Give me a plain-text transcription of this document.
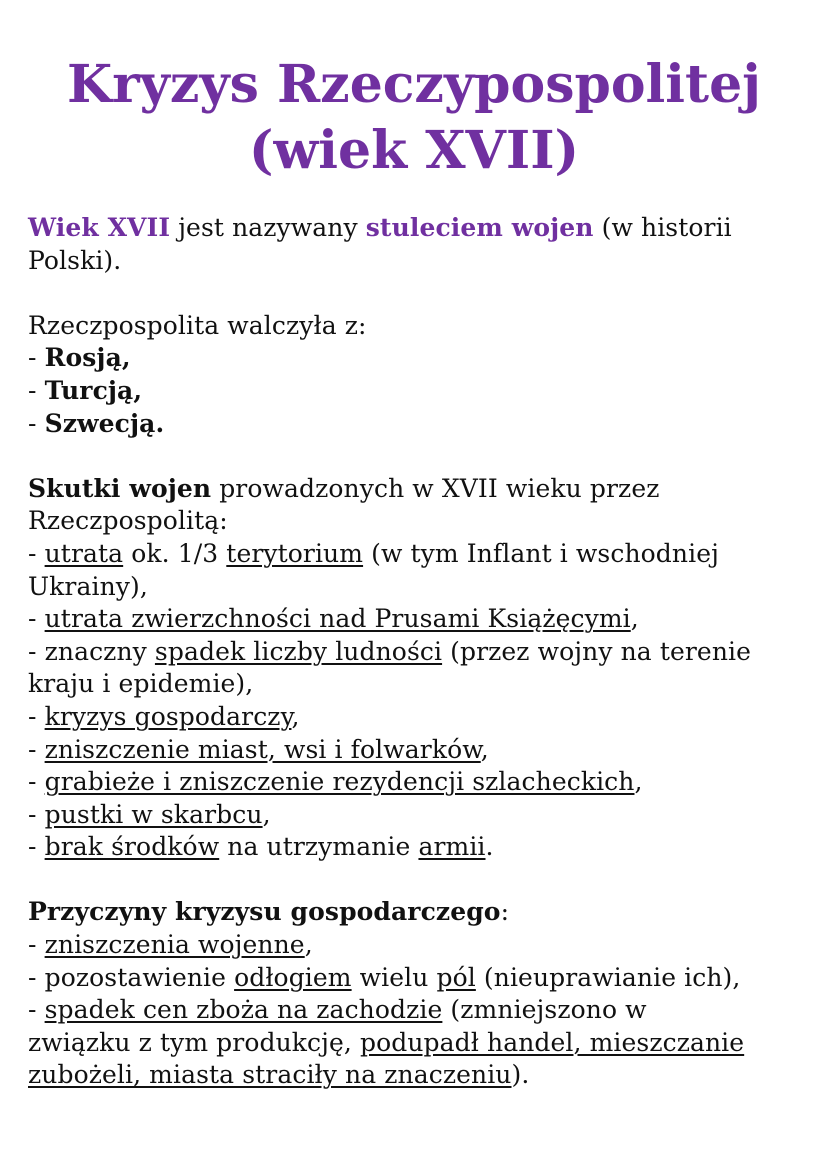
Kryzys Rzeczypospolitej
(wiek XVII)

Wiek XVII jest nazywany stuleciem wojen (w historii

Polski).

Rzeczpospolita walczyła z:

- Rosją,

- Turcją,

- Szwecją.

Skutki wojen prowadzonych w XVII wieku przez

Rzeczpospolitą:

- utrata ok. 1/3 terytorium (w tym Inflant i wschodniej

Ukrainy),

- utrata zwierzchności nad Prusami Książęcymi,

- znaczny spadek liczby ludności (przez wojny na terenie

kraju i epidemie),

- kryzys gospodarczy,

- zniszczenie miast, wsi i folwarków,

- grabieże i zniszczenie rezydencji szlacheckich,

- pustki w skarbcu,

- brak środków na utrzymanie armii.

Przyczyny kryzysu gospodarczego:

- zniszczenia wojenne,

- pozostawienie odłogiem wielu pól (nieuprawianie ich),

- spadek cen zboża na zachodzie (zmniejszono w

związku z tym produkcję, podupadł handel, mieszczanie

zubożeli, miasta straciły na znaczeniu).
